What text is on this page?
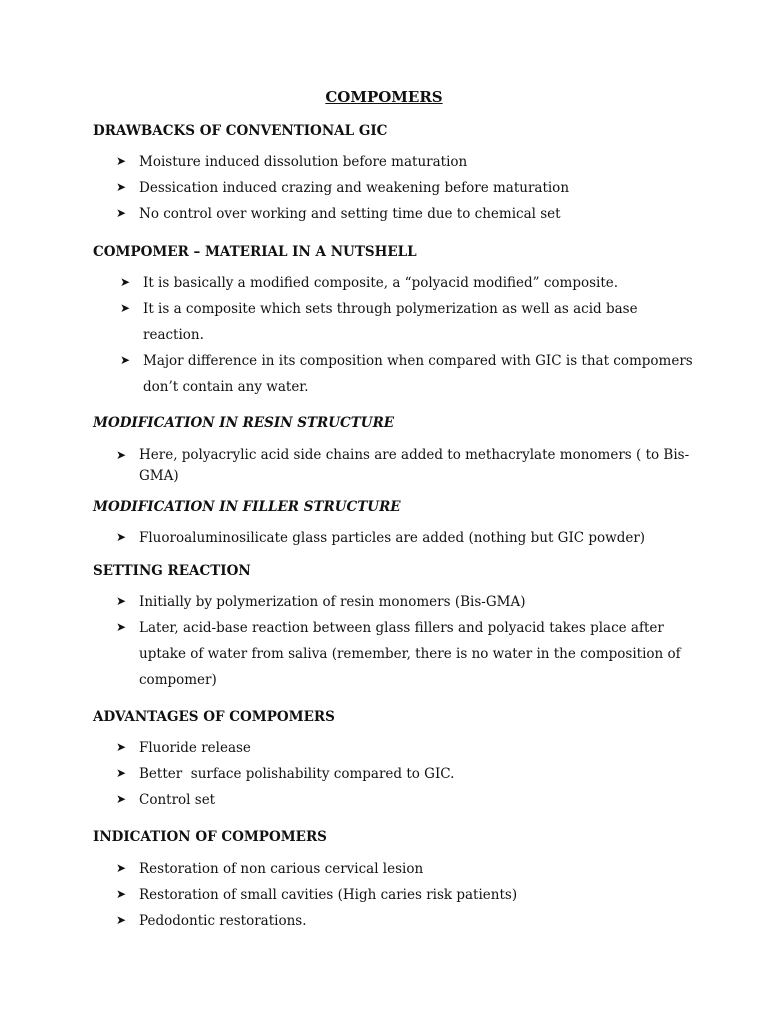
COMPOMERS
DRAWBACKS OF CONVENTIONAL GIC
➤ Moisture induced dissolution before maturation
➤ Dessication induced crazing and weakening before maturation
➤ No control over working and setting time due to chemical set
COMPOMER – MATERIAL IN A NUTSHELL
➤ It is basically a modified composite, a “polyacid modified” composite.
➤ It is a composite which sets through polymerization as well as acid base
reaction.
➤ Major difference in its composition when compared with GIC is that compomers
don’t contain any water.
MODIFICATION IN RESIN STRUCTURE
➤ Here, polyacrylic acid side chains are added to methacrylate monomers ( to Bis-
GMA)
MODIFICATION IN FILLER STRUCTURE
➤ Fluoroaluminosilicate glass particles are added (nothing but GIC powder)
SETTING REACTION
➤ Initially by polymerization of resin monomers (Bis-GMA)
➤ Later, acid-base reaction between glass fillers and polyacid takes place after
uptake of water from saliva (remember, there is no water in the composition of
compomer)
ADVANTAGES OF COMPOMERS
➤ Fluoride release
➤ Better  surface polishability compared to GIC.
➤ Control set
INDICATION OF COMPOMERS
➤ Restoration of non carious cervical lesion
➤ Restoration of small cavities (High caries risk patients)
➤ Pedodontic restorations.
